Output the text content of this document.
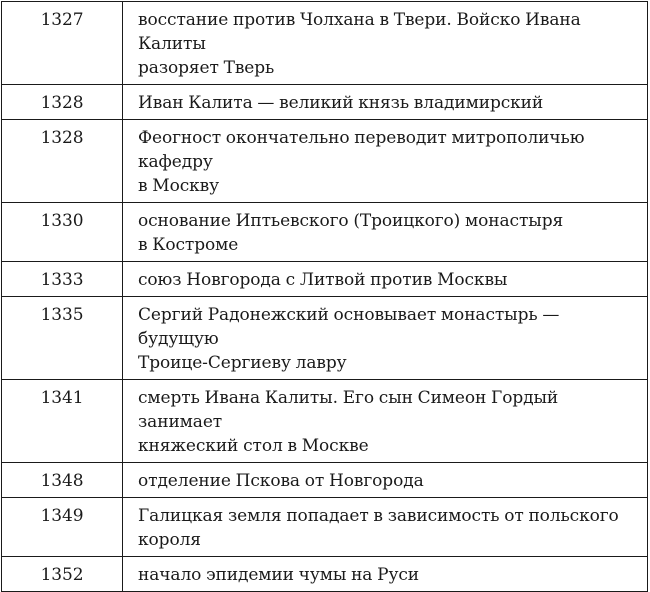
1327	восстание против Чолхана в Твери. Войско Ивана Калиты
разоряет Тверь
1328	Иван Калита — великий князь владимирский
1328	Феогност окончательно переводит митрополичью кафедру
в Москву
1330	основание Иптьевского (Троицкого) монастыря
в Костроме
1333	союз Новгорода с Литвой против Москвы
1335	Сергий Радонежский основывает монастырь — будущую
Троице-Сергиеву лавру
1341	смерть Ивана Калиты. Его сын Симеон Гордый занимает
княжеский стол в Москве
1348	отделение Пскова от Новгорода
1349	Галицкая земля попадает в зависимость от польского
короля
1352	начало эпидемии чумы на Руси
